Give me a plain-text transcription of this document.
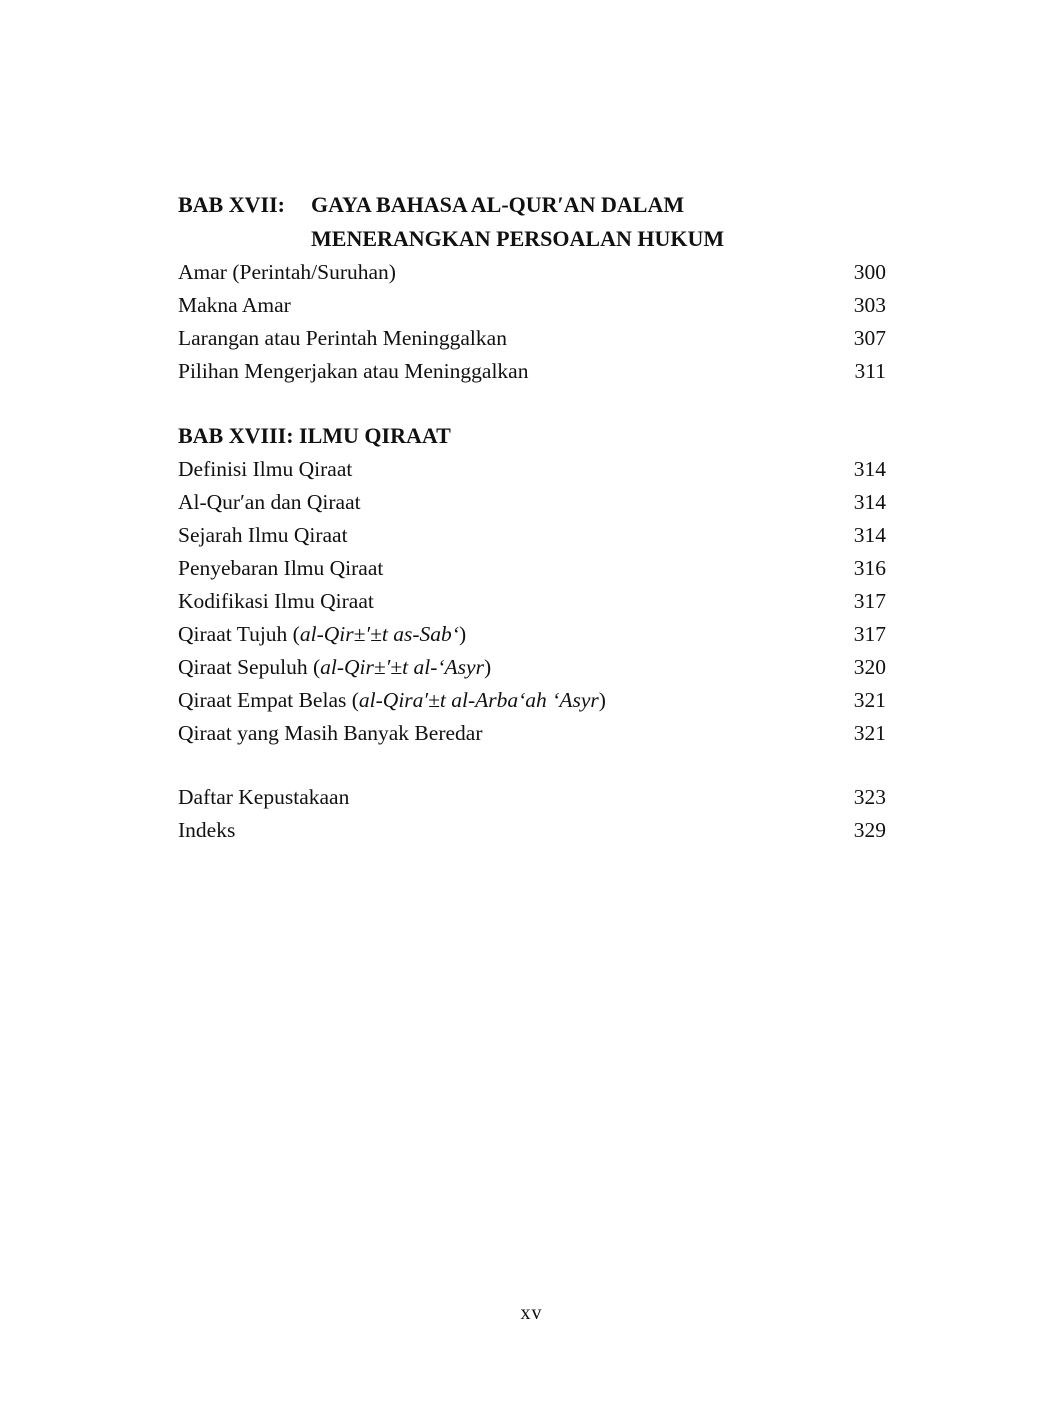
BAB XVII:	GAYA BAHASA AL-QUR′AN DALAM
MENERANGKAN PERSOALAN HUKUM
Amar (Perintah/Suruhan)	300
Makna Amar	303
Larangan atau Perintah Meninggalkan	307
Pilihan Mengerjakan atau Meninggalkan	311
BAB XVIII: ILMU QIRAAT
Definisi Ilmu Qiraat	314
Al-Qur′an dan Qiraat	314
Sejarah Ilmu Qiraat	314
Penyebaran Ilmu Qiraat	316
Kodifikasi Ilmu Qiraat	317
Qiraat Tujuh (al-Qir±′±t as-Sab‘)	317
Qiraat Sepuluh (al-Qir±′±t al-‘Asyr)	320
Qiraat Empat Belas (al-Qira′±t al-Arba‘ah ‘Asyr)	321
Qiraat yang Masih Banyak Beredar	321
Daftar Kepustakaan	323
Indeks	329
xv
